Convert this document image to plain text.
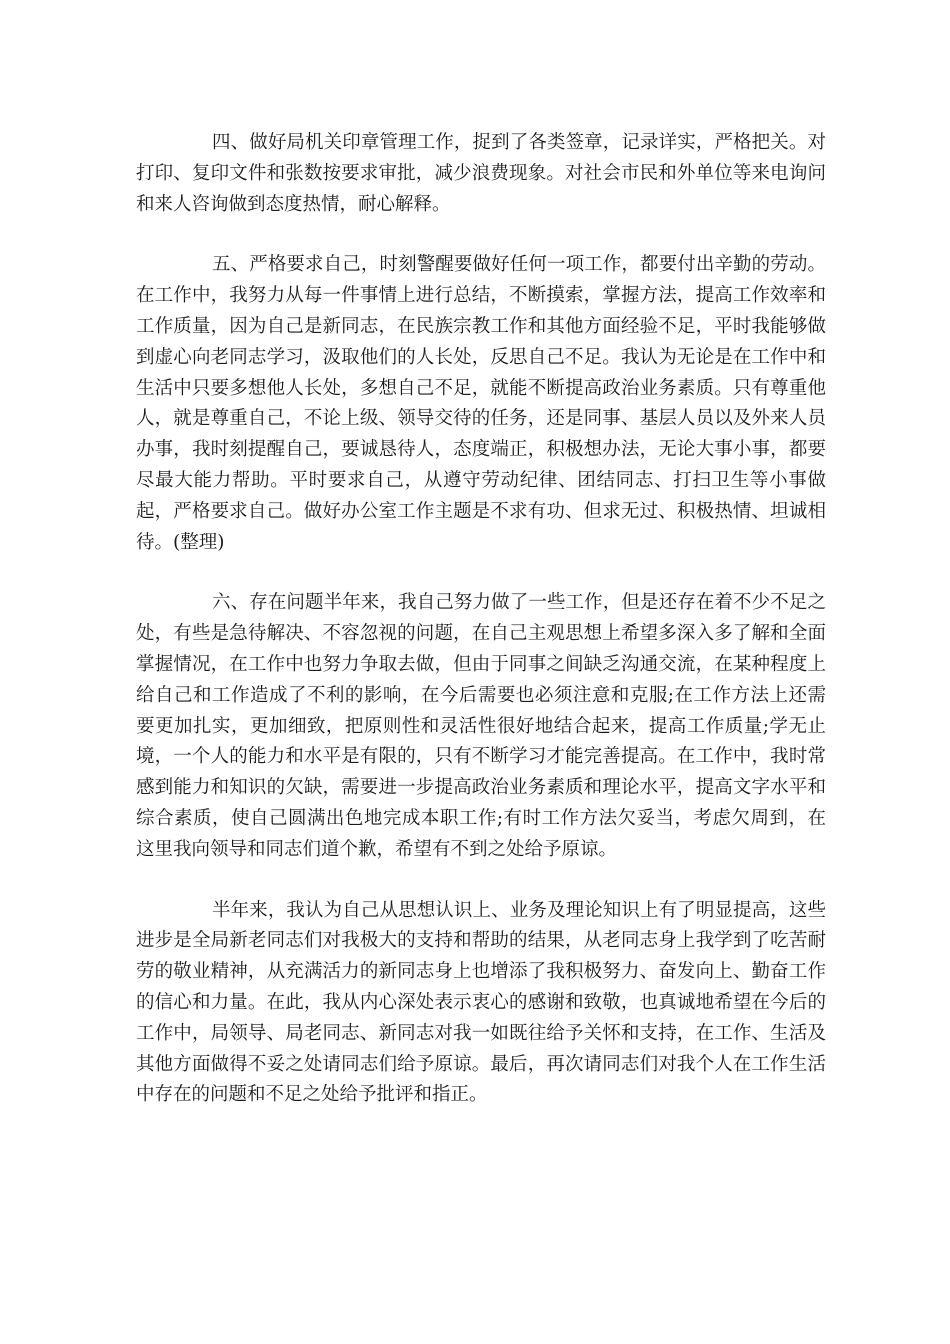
四、做好局机关印章管理工作，捉到了各类签章，记录详实，严格把关。对打印、复印文件和张数按要求审批，减少浪费现象。对社会市民和外单位等来电询问和来人咨询做到态度热情，耐心解释。

五、严格要求自己，时刻警醒要做好任何一项工作，都要付出辛勤的劳动。在工作中，我努力从每一件事情上进行总结，不断摸索，掌握方法，提高工作效率和工作质量，因为自己是新同志，在民族宗教工作和其他方面经验不足，平时我能够做到虚心向老同志学习，汲取他们的人长处，反思自己不足。我认为无论是在工作中和生活中只要多想他人长处，多想自己不足，就能不断提高政治业务素质。只有尊重他人，就是尊重自己，不论上级、领导交待的任务，还是同事、基层人员以及外来人员办事，我时刻提醒自己，要诚恳待人，态度端正，积极想办法，无论大事小事，都要尽最大能力帮助。平时要求自己，从遵守劳动纪律、团结同志、打扫卫生等小事做起，严格要求自己。做好办公室工作主题是不求有功、但求无过、积极热情、坦诚相待。(整理)

六、存在问题半年来，我自己努力做了一些工作，但是还存在着不少不足之处，有些是急待解决、不容忽视的问题，在自己主观思想上希望多深入多了解和全面掌握情况，在工作中也努力争取去做，但由于同事之间缺乏沟通交流，在某种程度上给自己和工作造成了不利的影响，在今后需要也必须注意和克服;在工作方法上还需要更加扎实，更加细致，把原则性和灵活性很好地结合起来，提高工作质量;学无止境，一个人的能力和水平是有限的，只有不断学习才能完善提高。在工作中，我时常感到能力和知识的欠缺，需要进一步提高政治业务素质和理论水平，提高文字水平和综合素质，使自己圆满出色地完成本职工作;有时工作方法欠妥当，考虑欠周到，在这里我向领导和同志们道个歉，希望有不到之处给予原谅。

半年来，我认为自己从思想认识上、业务及理论知识上有了明显提高，这些进步是全局新老同志们对我极大的支持和帮助的结果，从老同志身上我学到了吃苦耐劳的敬业精神，从充满活力的新同志身上也增添了我积极努力、奋发向上、勤奋工作的信心和力量。在此，我从内心深处表示衷心的感谢和致敬，也真诚地希望在今后的工作中，局领导、局老同志、新同志对我一如既往给予关怀和支持，在工作、生活及其他方面做得不妥之处请同志们给予原谅。最后，再次请同志们对我个人在工作生活中存在的问题和不足之处给予批评和指正。
